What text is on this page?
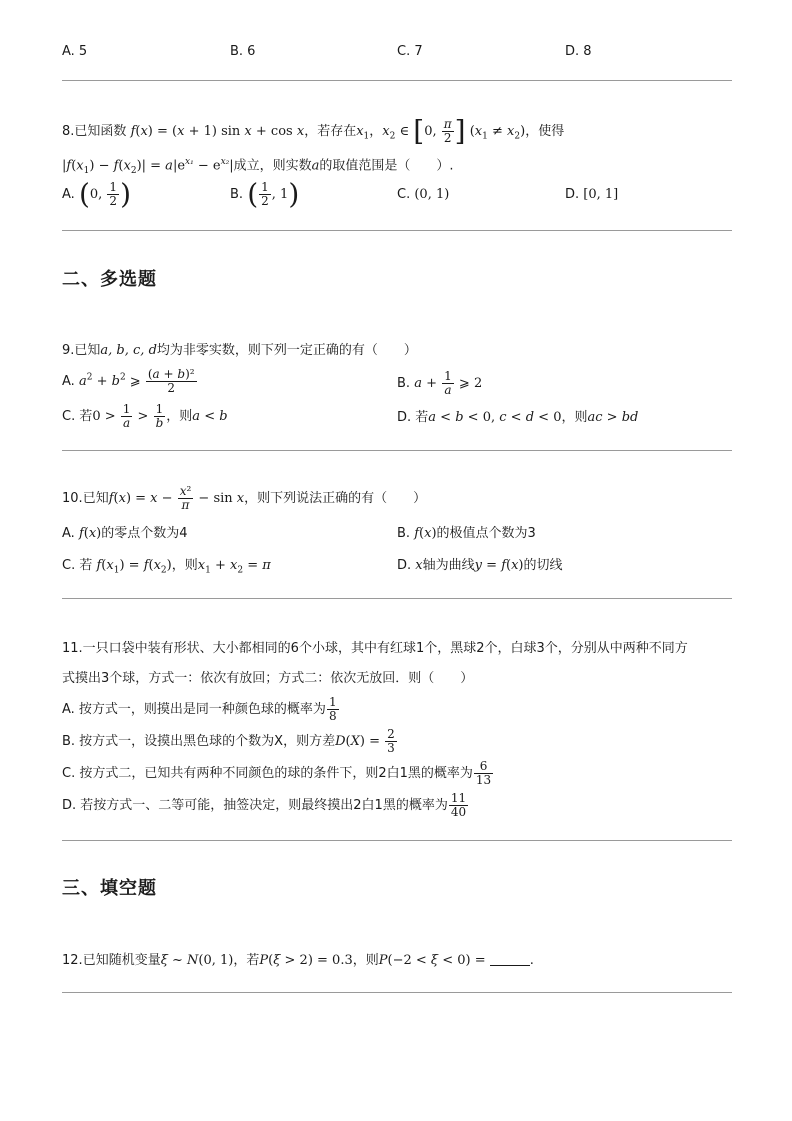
A. 5	B. 6	C. 7	D. 8
8.已知函数 f(x) = (x + 1) sin x + cos x，若存在$x_1$，$x_2$ ∈ [0, $\frac{\pi}{2}$ ] $(x_1 \ne x_2)$，使得
$|f(x_1) - f(x_2)| = a|e^{x_1} - e^{x_2}|$成立，则实数a的取值范围是（　　）.
A. (0, $\frac{1}{2}$ )	B. ( $\frac{1}{2}$ , 1)	C. (0, 1)	D. [0, 1]
二、多选题
9.已知a, b, c, d均为非零实数，则下列一定正确的有（　　）
A. $a^2 + b^2$ ⩾ $\frac{\text{(a + b)²}}{2}$	B. $a + \frac{1}{a}$ ⩾ 2
C. 若$0 > \frac{1}{a} > \frac{1}{b}$ ，则a < b	D. 若a < b < 0, c < d < 0，则ac > bd
10.已知$f(x) = x - \frac{\text{x²}}{\pi} - \sin x$，则下列说法正确的有（　　）
A. f(x)的零点个数为4	B. f(x)的极值点个数为3
C. 若 $f(x_1) = f(x_2)$，则$x_1 + x_2 = \pi$	D. x轴为曲线y = f(x)的切线
11.一只口袋中装有形状、大小都相同的6个小球，其中有红球1个，黑球2个，白球3个，分别从中两种不同方
式摸出3个球，方式一：依次有放回；方式二：依次无放回．则（　　）
A. 按方式一，则摸出是同一种颜色球的概率为 $\frac{1}{8}$
B. 按方式一，设摸出黑色球的个数为X，则方差$D(X) = \frac{2}{3}$
C. 按方式二，已知共有两种不同颜色的球的条件下，则2白1黑的概率为 $\frac{6}{13}$
D. 若按方式一、二等可能，抽签决定，则最终摸出2白1黑的概率为 $\frac{11}{40}$
三、填空题
12.已知随机变量ξ ~ N(0, 1)，若P(ξ > 2) = 0.3，则P(−2 < ξ < 0) =	.
